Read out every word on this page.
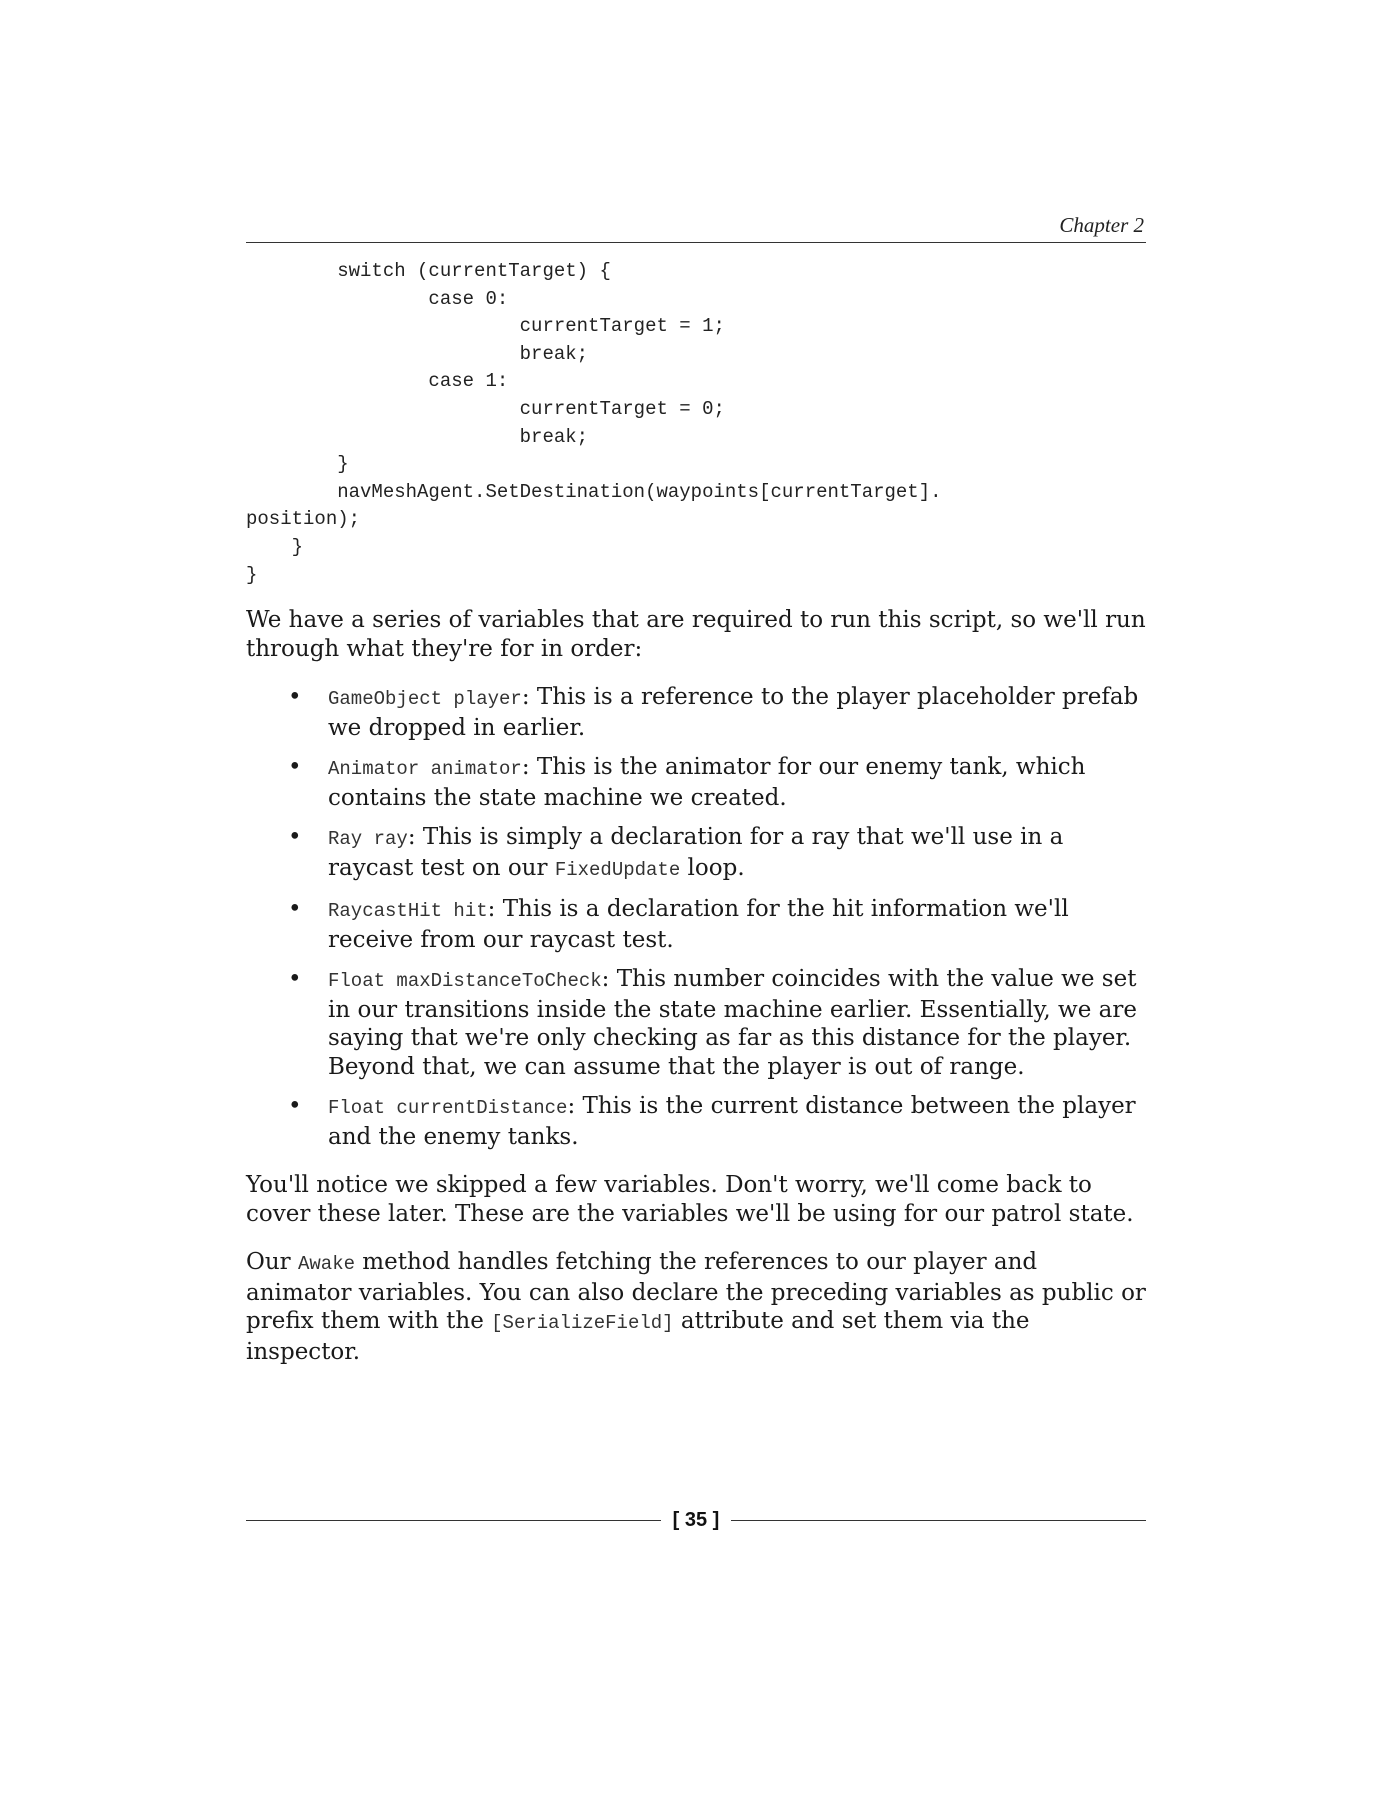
Chapter 2
switch (currentTarget) {
case 0:
currentTarget = 1;
break;
case 1:
currentTarget = 0;
break;
}
navMeshAgent.SetDestination(waypoints[currentTarget].
position);
}
}

We have a series of variables that are required to run this script, so we'll run through what they're for in order:

• GameObject player: This is a reference to the player placeholder prefab we dropped in earlier.
• Animator animator: This is the animator for our enemy tank, which contains the state machine we created.
• Ray ray: This is simply a declaration for a ray that we'll use in a raycast test on our FixedUpdate loop.
• RaycastHit hit: This is a declaration for the hit information we'll receive from our raycast test.
• Float maxDistanceToCheck: This number coincides with the value we set in our transitions inside the state machine earlier. Essentially, we are saying that we're only checking as far as this distance for the player. Beyond that, we can assume that the player is out of range.
• Float currentDistance: This is the current distance between the player and the enemy tanks.

You'll notice we skipped a few variables. Don't worry, we'll come back to cover these later. These are the variables we'll be using for our patrol state.

Our Awake method handles fetching the references to our player and animator variables. You can also declare the preceding variables as public or prefix them with the [SerializeField] attribute and set them via the inspector.

[ 35 ]
